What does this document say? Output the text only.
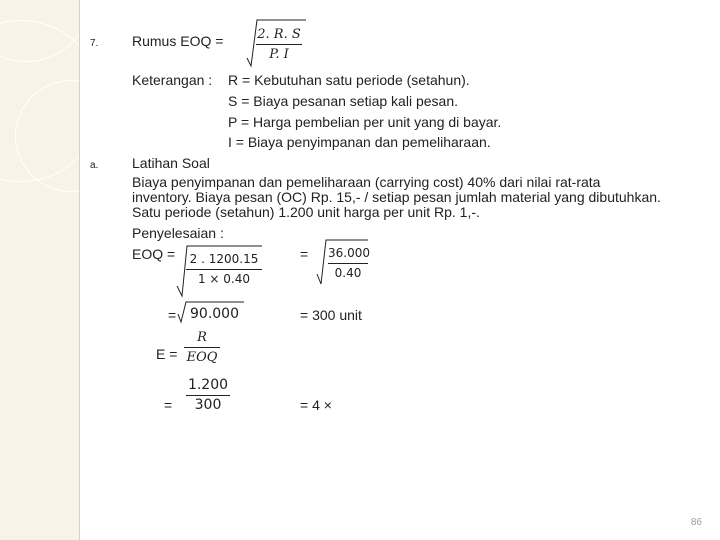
7. Rumus EOQ =	2. R. S
P. I
Keterangan : R = Kebutuhan satu periode (setahun).
S = Biaya pesanan setiap kali pesan.
P = Harga pembelian per unit yang di bayar.
I = Biaya penyimpanan dan pemeliharaan.
a. Latihan Soal
Biaya penyimpanan dan pemeliharaan (carrying cost) 40% dari nilai rat-rata
inventory. Biaya pesan (OC) Rp. 15,- / setiap pesan jumlah material yang dibutuhkan.
Satu periode (setahun) 1.200 unit harga per unit Rp. 1,-.
Penyelesaian :
EOQ =	2 . 1200.15
1 × 0.40
= 36.000
0.40
= 90.000	= 300 unit
E =
R
EOQ
=
1.200
300	= 4 ×
86
